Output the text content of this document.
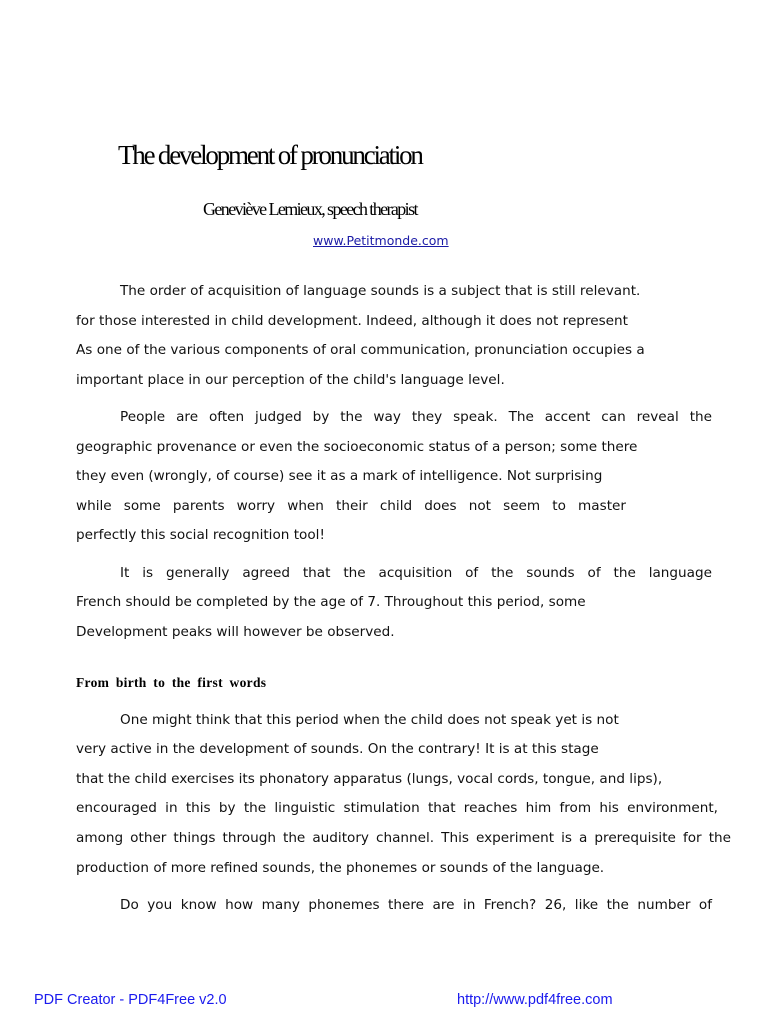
The development of pronunciation
Geneviève Lemieux, speech therapist
www.Petitmonde.com
The order of acquisition of language sounds is a subject that is still relevant.
for those interested in child development. Indeed, although it does not represent
As one of the various components of oral communication, pronunciation occupies a
important place in our perception of the child's language level.
People are often judged by the way they speak. The accent can reveal the
geographic provenance or even the socioeconomic status of a person; some there
they even (wrongly, of course) see it as a mark of intelligence. Not surprising
while some parents worry when their child does not seem to master
perfectly this social recognition tool!
It is generally agreed that the acquisition of the sounds of the language
French should be completed by the age of 7. Throughout this period, some
Development peaks will however be observed.
From birth to the first words
One might think that this period when the child does not speak yet is not
very active in the development of sounds. On the contrary! It is at this stage
that the child exercises its phonatory apparatus (lungs, vocal cords, tongue, and lips),
encouraged in this by the linguistic stimulation that reaches him from his environment,
among other things through the auditory channel. This experiment is a prerequisite for the
production of more refined sounds, the phonemes or sounds of the language.
Do you know how many phonemes there are in French? 26, like the number of
PDF Creator - PDF4Free v2.0	http://www.pdf4free.com
